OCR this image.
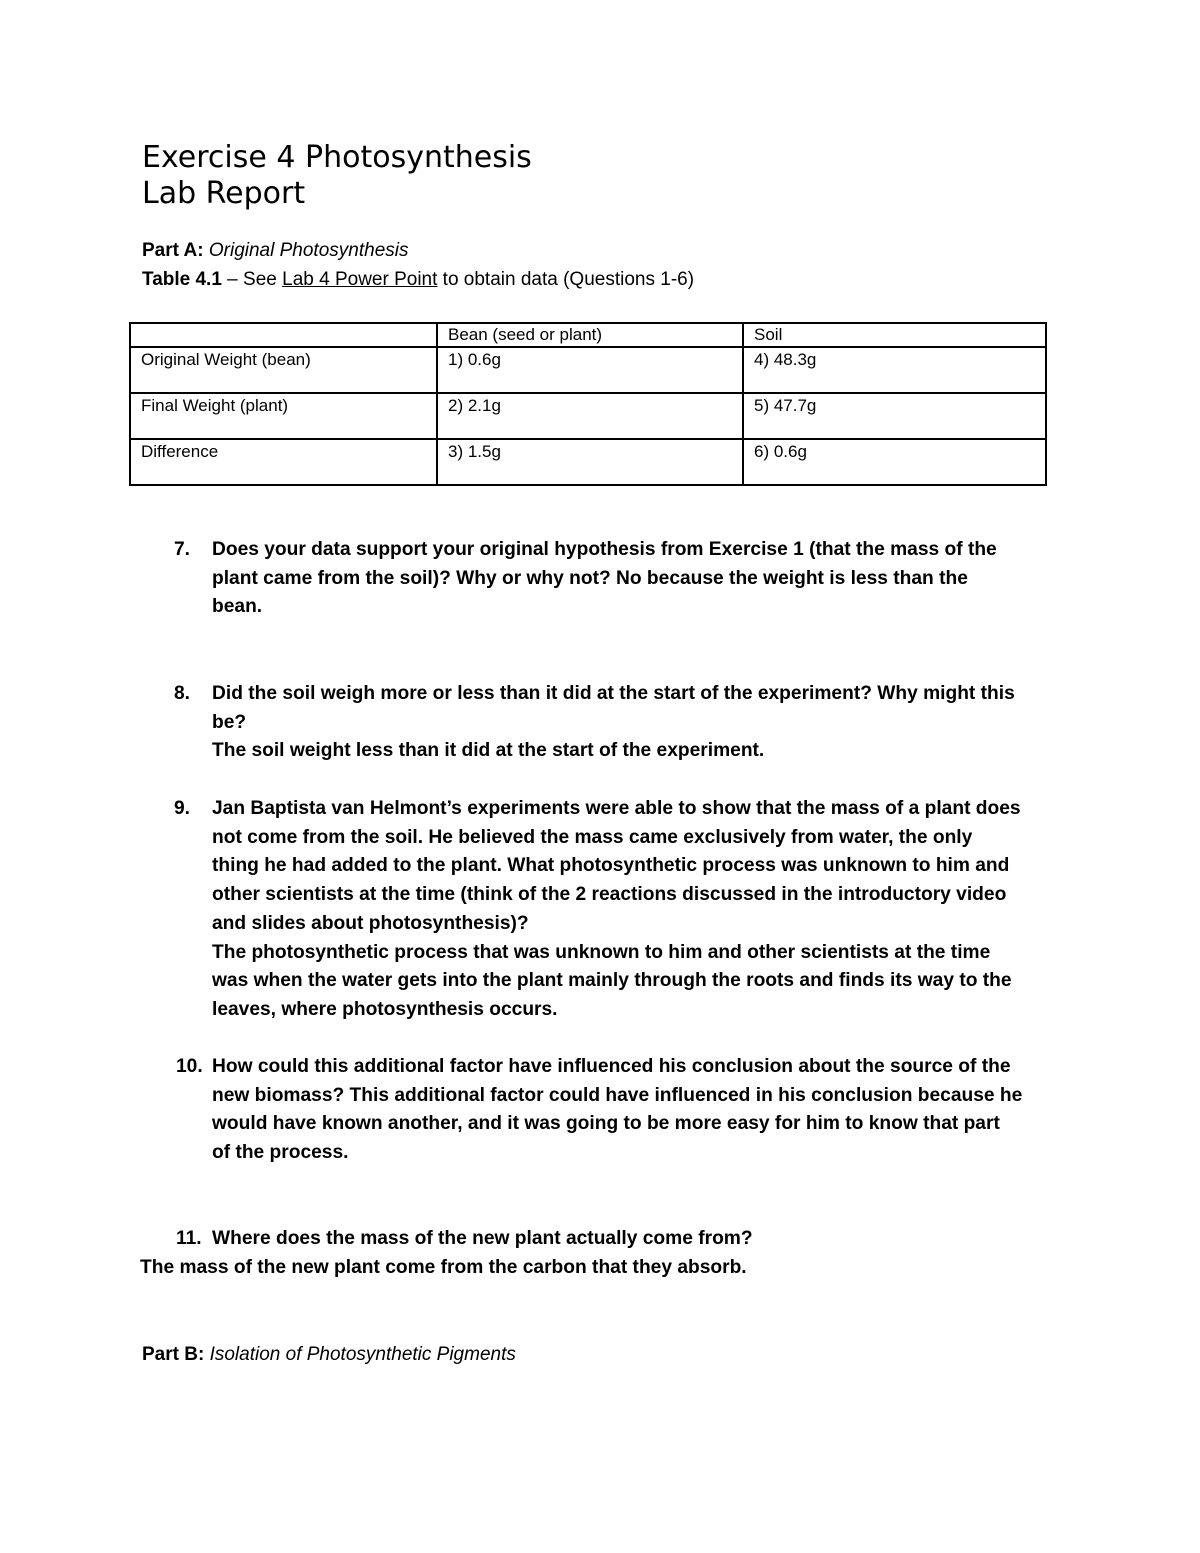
Exercise 4 Photosynthesis
Lab Report
Part A: Original Photosynthesis
Table 4.1 – See Lab 4 Power Point to obtain data (Questions 1-6)
	Bean (seed or plant)	Soil
Original Weight (bean)	1) 0.6g	4) 48.3g
Final Weight (plant)	2) 2.1g	5) 47.7g
Difference	3) 1.5g	6) 0.6g
7. Does your data support your original hypothesis from Exercise 1 (that the mass of the

plant came from the soil)? Why or why not? No because the weight is less than the

bean.

8. Did the soil weigh more or less than it did at the start of the experiment? Why might this

be?

The soil weight less than it did at the start of the experiment.

9. Jan Baptista van Helmont’s experiments were able to show that the mass of a plant does

not come from the soil. He believed the mass came exclusively from water, the only

thing he had added to the plant. What photosynthetic process was unknown to him and

other scientists at the time (think of the 2 reactions discussed in the introductory video

and slides about photosynthesis)?

The photosynthetic process that was unknown to him and other scientists at the time

was when the water gets into the plant mainly through the roots and finds its way to the

leaves, where photosynthesis occurs.

10. How could this additional factor have influenced his conclusion about the source of the

new biomass? This additional factor could have influenced in his conclusion because he

would have known another, and it was going to be more easy for him to know that part

of the process.

11. Where does the mass of the new plant actually come from?

The mass of the new plant come from the carbon that they absorb.

Part B: Isolation of Photosynthetic Pigments
